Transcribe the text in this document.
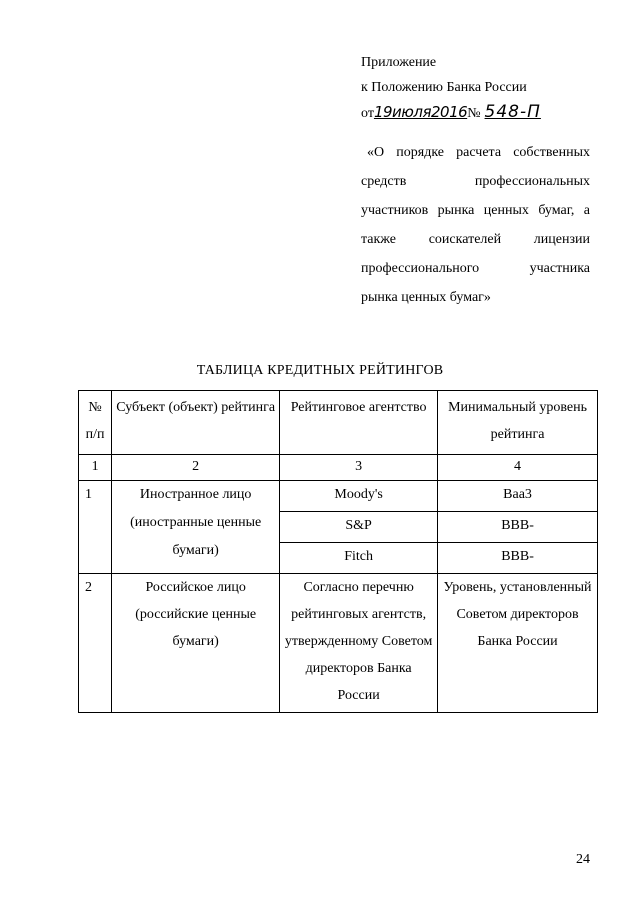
Приложение
к Положению Банка России
от19июля2016№ 548-П
«О порядке расчета собственных
средств профессиональных
участников рынка ценных бумаг, а
также соискателей лицензии
профессионального участника
рынка ценных бумаг»
ТАБЛИЦА КРЕДИТНЫХ РЕЙТИНГОВ
№ п/п	Субъект (объект) рейтинга	Рейтинговое агентство	Минимальный уровень рейтинга
1	2	3	4
1	Иностранное лицо (иностранные ценные бумаги)	Moody's	Baa3
		S&P	BBB-
		Fitch	BBB-
2	Российское лицо (российские ценные бумаги)	Согласно перечню рейтинговых агентств, утвержденному Советом директоров Банка России	Уровень, установленный Советом директоров Банка России
24
